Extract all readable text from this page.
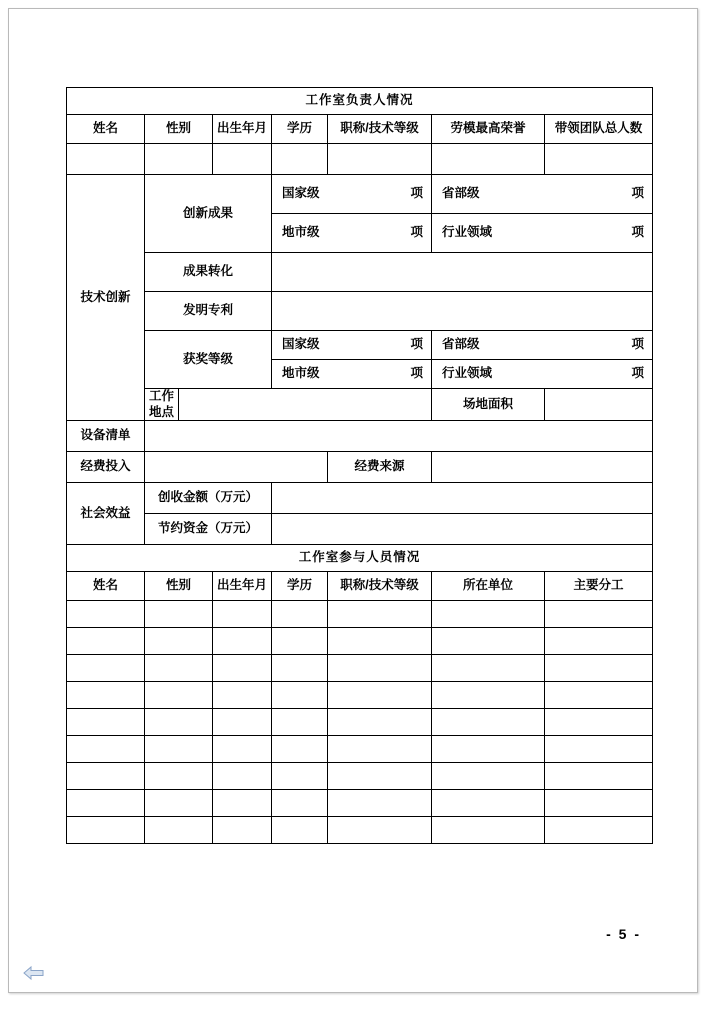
工作室负责人情况							
姓名	性别		出生年月	学历	职称/技术等级	劳模最高荣誉	带领团队总人数

技术创新	创新成果			国家级 项		省部级 项	

				地市级 项		行业领域 项	

	成果转化						
	发明专利						
	获奖等级			国家级 项		省部级 项	

				地市级 项		行业领域 项	

	工作地点					场地面积	
设备清单							
经费投入					经费来源		
社会效益	创收金额（万元）						
	节约资金（万元）						
工作室参与人员情况							
姓名	性别		出生年月	学历	职称/技术等级	所在单位	主要分工

- 5 -
